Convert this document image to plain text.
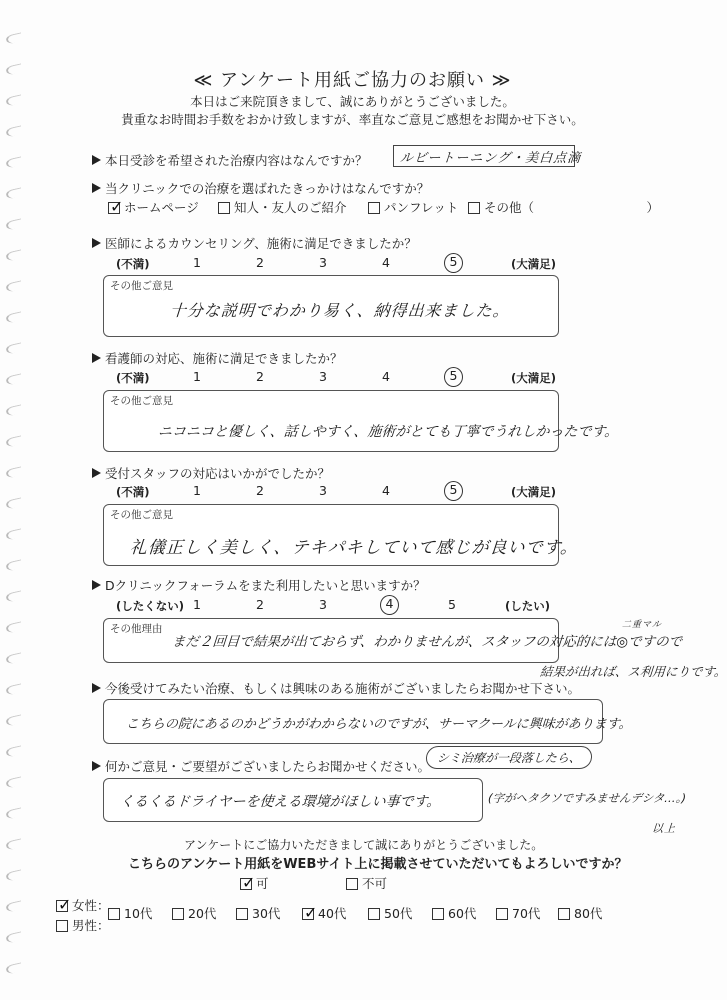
≪ アンケート用紙ご協力のお願い ≫
本日はご来院頂きまして、誠にありがとうございました。
貴重なお時間お手数をおかけ致しますが、率直なご意見ご感想をお聞かせ下さい。
本日受診を希望された治療内容はなんですか？ ルビートーニング・美白点滴
当クリニックでの治療を選ばれたきっかけはなんですか？
✓ ホームページ	知人・友人のご紹介	パンフレット	その他（　　　　　　　　　）
医師によるカウンセリング、施術に満足できましたか？
(不満)	1	2	3	4	5	(大満足)
その他ご意見
十分な説明でわかり易く、納得出来ました。
看護師の対応、施術に満足できましたか？
(不満)	1	2	3	4	5	(大満足)
その他ご意見
ニコニコと優しく、話しやすく、施術がとても丁寧でうれしかったです。
受付スタッフの対応はいかがでしたか？
(不満)	1	2	3	4	5	(大満足)
その他ご意見
礼儀正しく美しく、テキパキしていて感じが良いです。
Dクリニックフォーラムをまた利用したいと思いますか？
(したくない) 1	2	3	4	5	(したい)
その他理由
まだ２回目で結果が出ておらず、わかりませんが、スタッフの対応的には◎ですので
二重マル
結果が出れば、ス利用にりです。
今後受けてみたい治療、もしくは興味のある施術がございましたらお聞かせ下さい。
こちらの院にあるのかどうかがわからないのですが、サーマクールに興味があります。
シミ治療が一段落したら、
何かご意見・ご要望がございましたらお聞かせください。
くるくるドライヤーを使える環境がほしい事です。	(字がヘタクソですみませんデシタ…。)
以上
アンケートにご協力いただきまして誠にありがとうございました。
こちらのアンケート用紙をWEBサイト上に掲載させていただいてもよろしいですか？
✓ 可	不可
✓ 女性：
男性：
10代	20代	30代 ✓ 40代	50代	60代	70代	80代
